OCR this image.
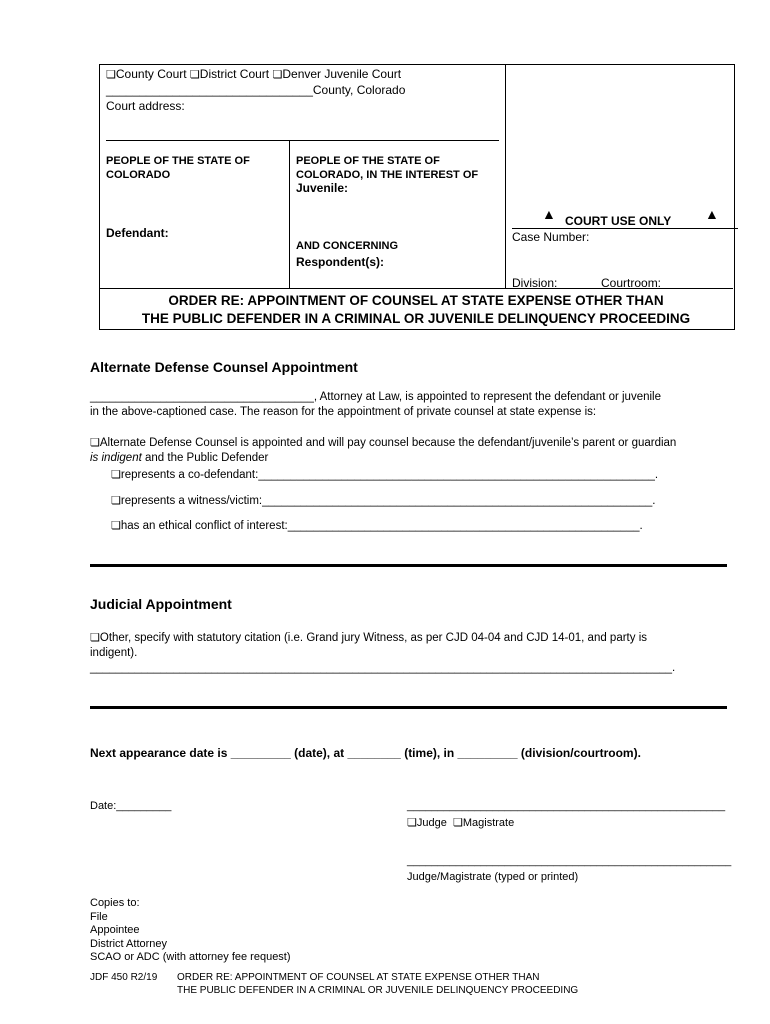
❏ County Court ❏ District Court ❏ Denver Juvenile Court
_______________________________County, Colorado
Court address:
PEOPLE OF THE STATE OF
COLORADO
Defendant:
PEOPLE OF THE STATE OF
COLORADO, IN THE INTEREST OF
Juvenile:
AND CONCERNING
Respondent(s):
▲ COURT USE ONLY ▲
Case Number:
Division:	Courtroom:
ORDER RE: APPOINTMENT OF COUNSEL AT STATE EXPENSE OTHER THAN
THE PUBLIC DEFENDER IN A CRIMINAL OR JUVENILE DELINQUENCY PROCEEDING
Alternate Defense Counsel Appointment
___________________________________, Attorney at Law, is appointed to represent the defendant or juvenile
in the above-captioned case. The reason for the appointment of private counsel at state expense is:
❏ Alternate Defense Counsel is appointed and will pay counsel because the defendant/juvenile’s parent or guardian
is indigent and the Public Defender
❏ represents a co-defendant:______________________________________________________________.
❏ represents a witness/victim:_____________________________________________________________.
❏ has an ethical conflict of interest:_______________________________________________________.
Judicial Appointment
❏ Other, specify with statutory citation (i.e. Grand jury Witness, as per CJD 04-04 and CJD 14-01, and party is
indigent).
___________________________________________________________________________________________.
Next appearance date is _________ (date), at ________ (time), in _________ (division/courtroom).
Date:_________	____________________________________________________
❏ Judge ❏ Magistrate
_____________________________________________________
Judge/Magistrate (typed or printed)
Copies to:
File
Appointee
District Attorney
SCAO or ADC (with attorney fee request)
JDF 450 R2/19 ORDER RE: APPOINTMENT OF COUNSEL AT STATE EXPENSE OTHER THAN
THE PUBLIC DEFENDER IN A CRIMINAL OR JUVENILE DELINQUENCY PROCEEDING
